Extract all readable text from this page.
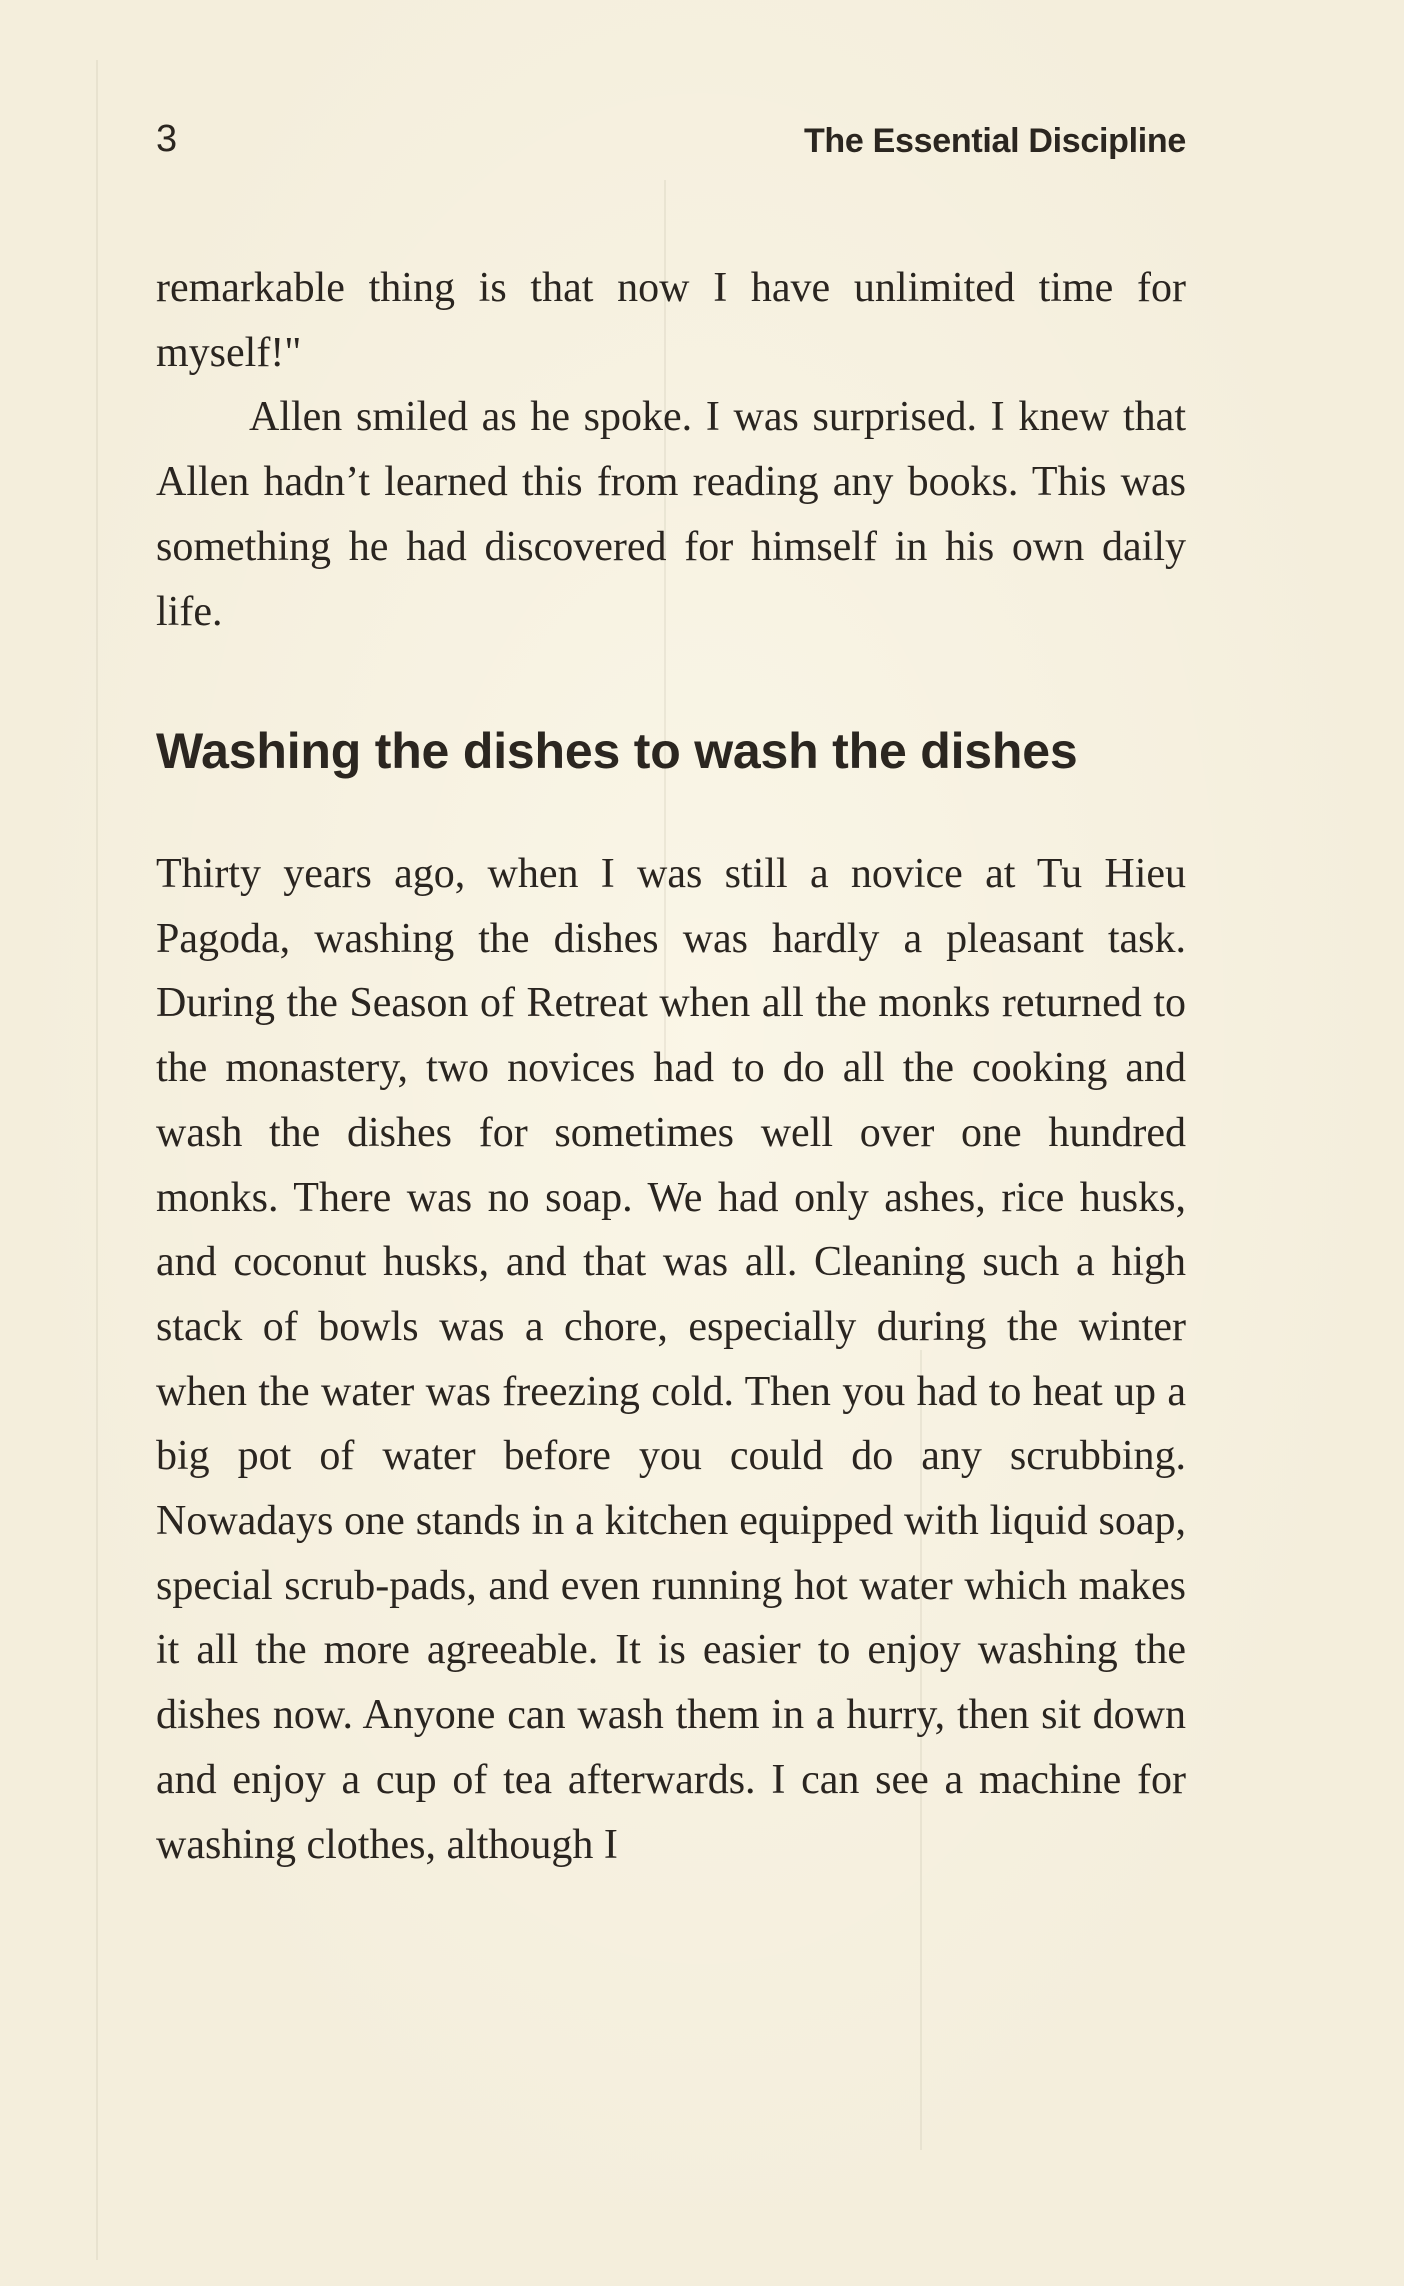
3	The Essential Discipline

remarkable thing is that now I have unlimited time for myself!"

Allen smiled as he spoke. I was surprised. I knew that Allen hadn’t learned this from reading any books. This was something he had discovered for himself in his own daily life.

Washing the dishes to wash the dishes

Thirty years ago, when I was still a novice at Tu Hieu Pagoda, washing the dishes was hardly a pleasant task. During the Season of Retreat when all the monks returned to the monastery, two novices had to do all the cooking and wash the dishes for sometimes well over one hundred monks. There was no soap. We had only ashes, rice husks, and coconut husks, and that was all. Cleaning such a high stack of bowls was a chore, especially during the winter when the water was freezing cold. Then you had to heat up a big pot of water before you could do any scrubbing. Nowadays one stands in a kitchen equipped with liquid soap, special scrub-pads, and even running hot water which makes it all the more agreeable. It is easier to enjoy washing the dishes now. Anyone can wash them in a hurry, then sit down and enjoy a cup of tea afterwards. I can see a machine for washing clothes, although I
